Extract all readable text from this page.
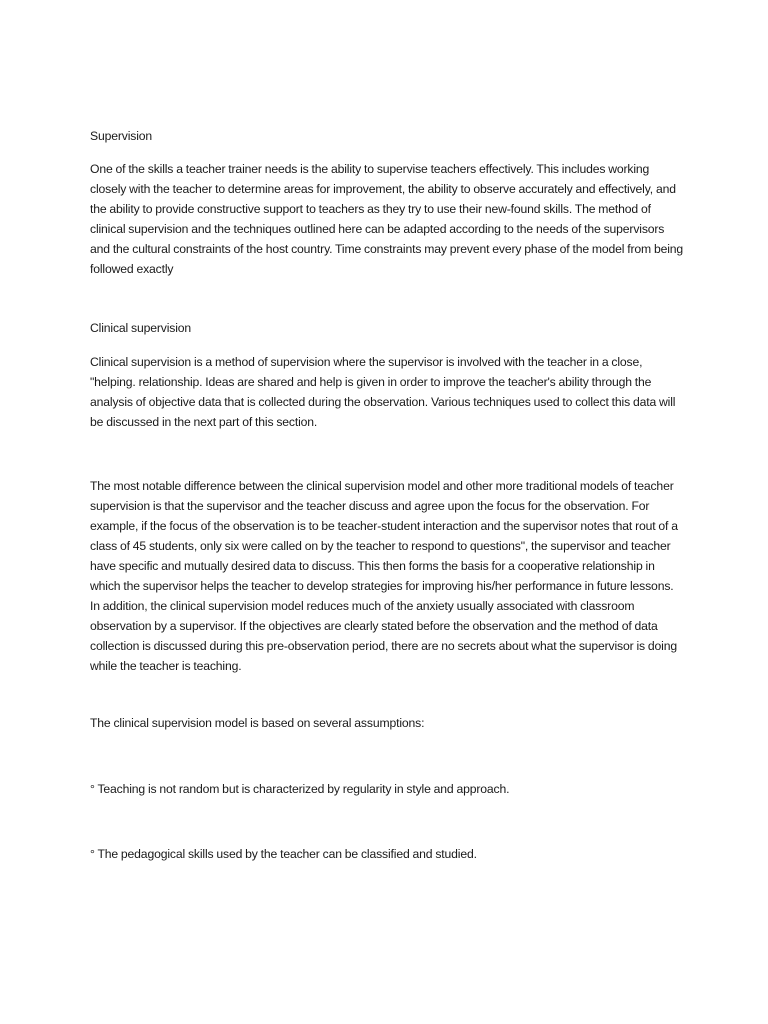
Supervision

One of the skills a teacher trainer needs is the ability to supervise teachers effectively. This includes working closely with the teacher to determine areas for improvement, the ability to observe accurately and effectively, and the ability to provide constructive support to teachers as they try to use their new-found skills. The method of clinical supervision and the techniques outlined here can be adapted according to the needs of the supervisors and the cultural constraints of the host country. Time constraints may prevent every phase of the model from being followed exactly

Clinical supervision

Clinical supervision is a method of supervision where the supervisor is involved with the teacher in a close, "helping. relationship. Ideas are shared and help is given in order to improve the teacher's ability through the analysis of objective data that is collected during the observation. Various techniques used to collect this data will be discussed in the next part of this section.

The most notable difference between the clinical supervision model and other more traditional models of teacher supervision is that the supervisor and the teacher discuss and agree upon the focus for the observation. For example, if the focus of the observation is to be teacher-student interaction and the supervisor notes that rout of a class of 45 students, only six were called on by the teacher to respond to questions", the supervisor and teacher have specific and mutually desired data to discuss. This then forms the basis for a cooperative relationship in which the supervisor helps the teacher to develop strategies for improving his/her performance in future lessons. In addition, the clinical supervision model reduces much of the anxiety usually associated with classroom observation by a supervisor. If the objectives are clearly stated before the observation and the method of data collection is discussed during this pre-observation period, there are no secrets about what the supervisor is doing while the teacher is teaching.

The clinical supervision model is based on several assumptions:

° Teaching is not random but is characterized by regularity in style and approach.

° The pedagogical skills used by the teacher can be classified and studied.
